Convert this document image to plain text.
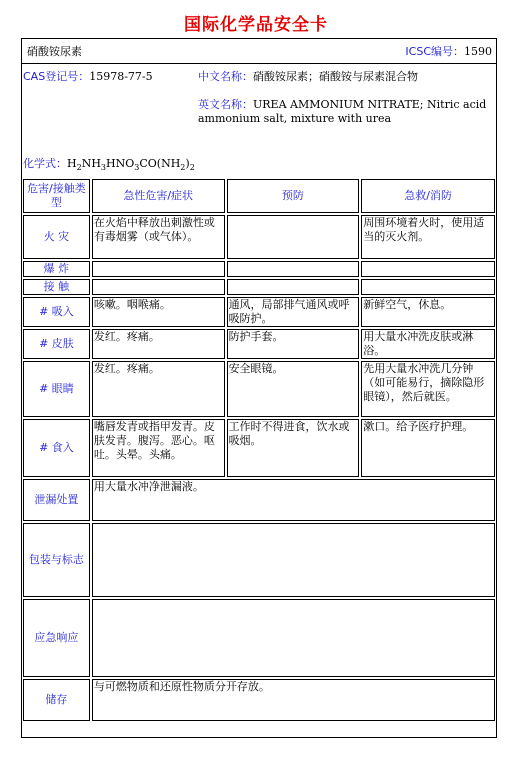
国际化学品安全卡
硝酸铵尿素	ICSC编号：1590
CAS登记号：15978-77-5	中文名称：硝酸铵尿素；硝酸铵与尿素混合物
英文名称：UREA AMMONIUM NITRATE; Nitric acid ammonium salt, mixture with urea
化学式：$H_2NH_3HNO_3CO(NH_2)_2$
危害/接触类型	急性危害/症状	预防	急救/消防
火 灾	在火焰中释放出刺激性或有毒烟雾（或气体）。		周围环境着火时，使用适当的灭火剂。
爆 炸			
接 触			
# 吸入	咳嗽。咽喉痛。	通风，局部排气通风或呼吸防护。	新鲜空气，休息。
# 皮肤	发红。疼痛。	防护手套。	用大量水冲洗皮肤或淋浴。
# 眼睛	发红。疼痛。	安全眼镜。	先用大量水冲洗几分钟（如可能易行，摘除隐形眼镜），然后就医。
# 食入	嘴唇发青或指甲发青。皮肤发青。腹泻。恶心。呕吐。头晕。头痛。	工作时不得进食，饮水或吸烟。	漱口。给予医疗护理。
泄漏处置	用大量水冲净泄漏液。		
包装与标志			
应急响应			
储存	与可燃物质和还原性物质分开存放。		
